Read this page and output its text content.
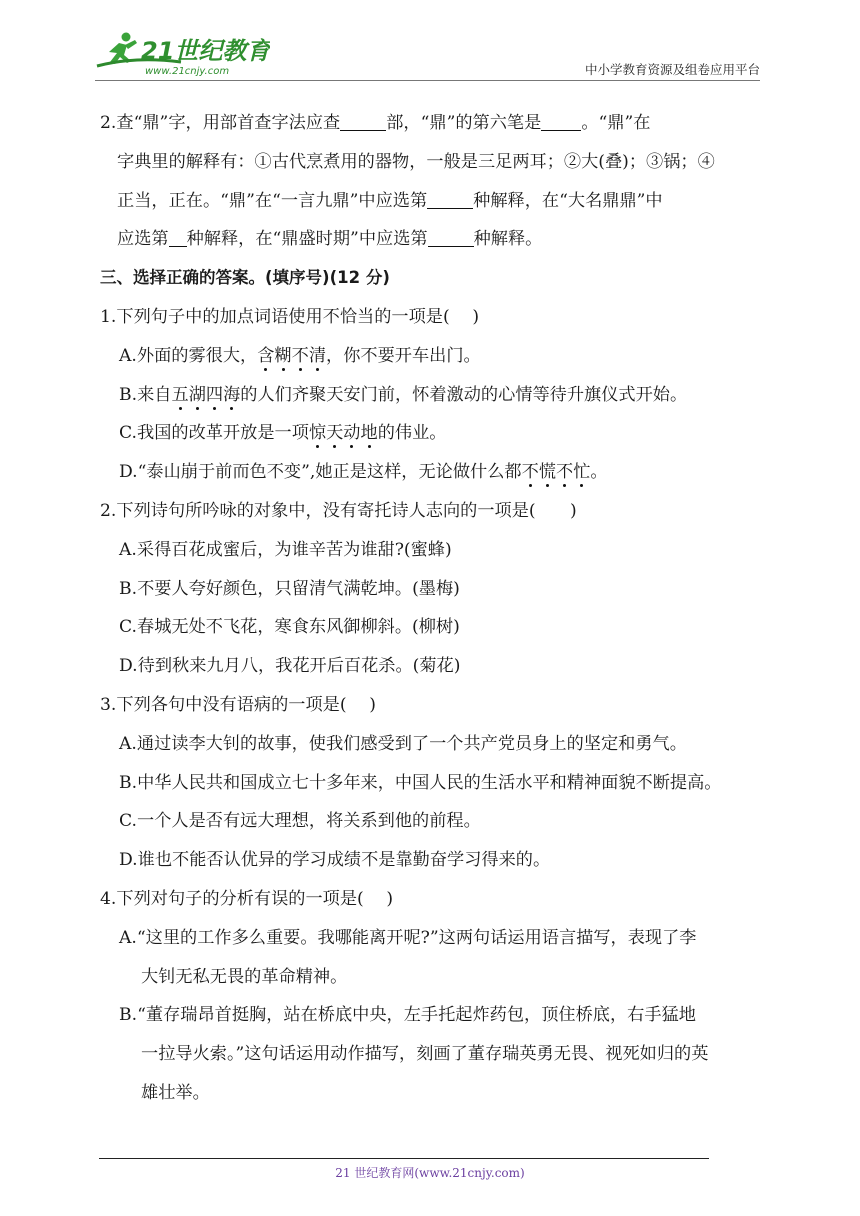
21世纪教育
www.21cnjy.com	中小学教育资源及组卷应用平台
2.查“鼎”字，用部首查字法应查	部，“鼎”的第六笔是 。“鼎”在
字典里的解释有：①古代烹煮用的器物，一般是三足两耳；②大(叠)；③锅；④
正当，正在。“鼎”在“一言九鼎”中应选第	种解释，在“大名鼎鼎”中
应选第 种解释，在“鼎盛时期”中应选第	种解释。
三、选择正确的答案。(填序号)(12 分)
1.下列句子中的加点词语使用不恰当的一项是(　 )
A.外面的雾很大，含糊不清，你不要开车出门。
B.来自五湖四海的人们齐聚天安门前，怀着激动的心情等待升旗仪式开始。
C.我国的改革开放是一项惊天动地的伟业。
D.“泰山崩于前而色不变”,她正是这样，无论做什么都不慌不忙。
2.下列诗句所吟咏的对象中，没有寄托诗人志向的一项是(　　)
A.采得百花成蜜后，为谁辛苦为谁甜?(蜜蜂)
B.不要人夸好颜色，只留清气满乾坤。(墨梅)
C.春城无处不飞花，寒食东风御柳斜。(柳树)
D.待到秋来九月八，我花开后百花杀。(菊花)
3.下列各句中没有语病的一项是(　 )
A.通过读李大钊的故事，使我们感受到了一个共产党员身上的坚定和勇气。
B.中华人民共和国成立七十多年来，中国人民的生活水平和精神面貌不断提高。
C.一个人是否有远大理想，将关系到他的前程。
D.谁也不能否认优异的学习成绩不是靠勤奋学习得来的。
4.下列对句子的分析有误的一项是(　 )
A.“这里的工作多么重要。我哪能离开呢?”这两句话运用语言描写，表现了李
大钊无私无畏的革命精神。
B.“董存瑞昂首挺胸，站在桥底中央，左手托起炸药包，顶住桥底，右手猛地
一拉导火索。”这句话运用动作描写，刻画了董存瑞英勇无畏、视死如归的英
雄壮举。
21 世纪教育网(www.21cnjy.com)
